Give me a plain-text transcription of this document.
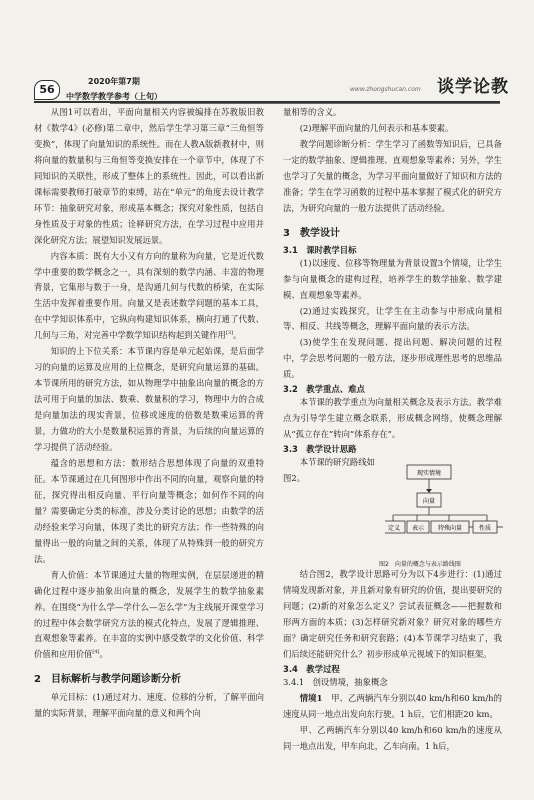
56
2020年第7期
中学数学教学参考（上旬）
www.zhongshucan.com 谈学论教

从图1可以看出，平面向量相关内容被编排在苏教版旧教材《数学4》(必修)第二章中，然后学生学习第三章“三角恒等变换”，体现了向量知识的系统性。而在人教A版新教材中，则将向量的数量积与三角恒等变换安排在一个章节中，体现了不同知识的关联性，形成了整体上的系统性。因此，可以看出新课标需要教师打破章节的束缚，站在“单元”的角度去设计教学环节：抽象研究对象，形成基本概念；探究对象性质，包括自身性质及于对象的性质；诠释研究方法，在学习过程中应用并深化研究方法；展望知识发展远景。

内容本质：既有大小又有方向的量称为向量，它是近代数学中重要的数学概念之一，具有深刻的数学内涵、丰富的物理背景，它集形与数于一身，是沟通几何与代数的桥梁，在实际生活中发挥着重要作用。向量又是表述数学问题的基本工具，在中学知识体系中，它纵向构建知识体系，横向打通了代数、几何与三角，对完善中学数学知识结构起到关键作用[3]。

知识的上下位关系：本节课内容是单元起始课，是后面学习的向量的运算及应用的上位概念，是研究向量运算的基础。本节课所用的研究方法，如从物理学中抽象出向量的概念的方法可用于向量的加法、数乘、数量积的学习，物理中力的合成是向量加法的现实背景，位移或速度的倍数是数乘运算的背景，力做功的大小是数量积运算的背景，为后续的向量运算的学习提供了活动经验。

蕴含的思想和方法：数形结合思想体现了向量的双重特征。本节课通过在几何图形中作出不同的向量，观察向量的特征，探究得出相反向量、平行向量等概念；如何作不同的向量？需要确定分类的标准，涉及分类讨论的思想；由数学的活动经验来学习向量，体现了类比的研究方法；作一些特殊的向量得出一般的向量之间的关系，体现了从特殊到一般的研究方法。

育人价值：本节课通过大量的物理实例，在层层递进的精确化过程中逐步抽象出向量的概念，发展学生的数学抽象素养。在围绕“为什么学—学什么—怎么学”为主线展开课堂学习的过程中体会数学研究方法的模式化特点，发展了逻辑推理、直观想象等素养。在丰富的实例中感受数学的文化价值、科学价值和应用价值[4]。

2　目标解析与教学问题诊断分析

单元目标：(1)通过对力、速度、位移的分析，了解平面向量的实际背景，理解平面向量的意义和两个向

量相等的含义。

(2)理解平面向量的几何表示和基本要素。

教学问题诊断分析：学生学习了函数等知识后，已具备一定的数学抽象、逻辑推理、直观想象等素养；另外，学生也学习了矢量的概念，为学习平面向量做好了知识和方法的准备；学生在学习函数的过程中基本掌握了模式化的研究方法，为研究向量的一般方法提供了活动经验。

3　教学设计
3.1　课时教学目标

(1)以速度、位移等物理量为背景设置3个情境，让学生参与向量概念的建构过程，培养学生的数学抽象、数学建模、直观想象等素养。

(2)通过实践探究，让学生在主动参与中形成向量相等、相反、共线等概念，理解平面向量的表示方法。

(3)使学生在发现问题、提出问题、解决问题的过程中，学会思考问题的一般方法，逐步形成理性思考的思维品质。

3.2　教学重点、难点

本节课的教学重点为向量相关概念及表示方法。教学难点为引导学生建立概念联系，形成概念网络，使概念理解从“孤立存在”转向“体系存在”。

3.3　教学设计思路

本节课的研究路线如图2。	现实情境
向量
定义 表示 特殊向量	性质
图2　向量的概念与表示路线图

结合图2，教学设计思路可分为以下4步进行：(1)通过情境发现新对象，并且新对象有研究的价值，提出要研究的问题；(2)新的对象怎么定义？尝试表征概念——把握数和形两方面的本质；(3)怎样研究新对象？研究对象的哪些方面？确定研究任务和研究套路；(4)本节课学习结束了，我们后续还能研究什么？初步形成单元视域下的知识框架。

3.4　教学过程
3.4.1　创设情境，抽象概念

情境1　 甲、乙两辆汽车分别以40 km/h和60 km/h的速度从同一地点出发向东行驶。1 h后，它们相距20 km。

甲、乙两辆汽车分别以40 km/h和60 km/h的速度从同一地点出发，甲车向北，乙车向南。1 h后，
